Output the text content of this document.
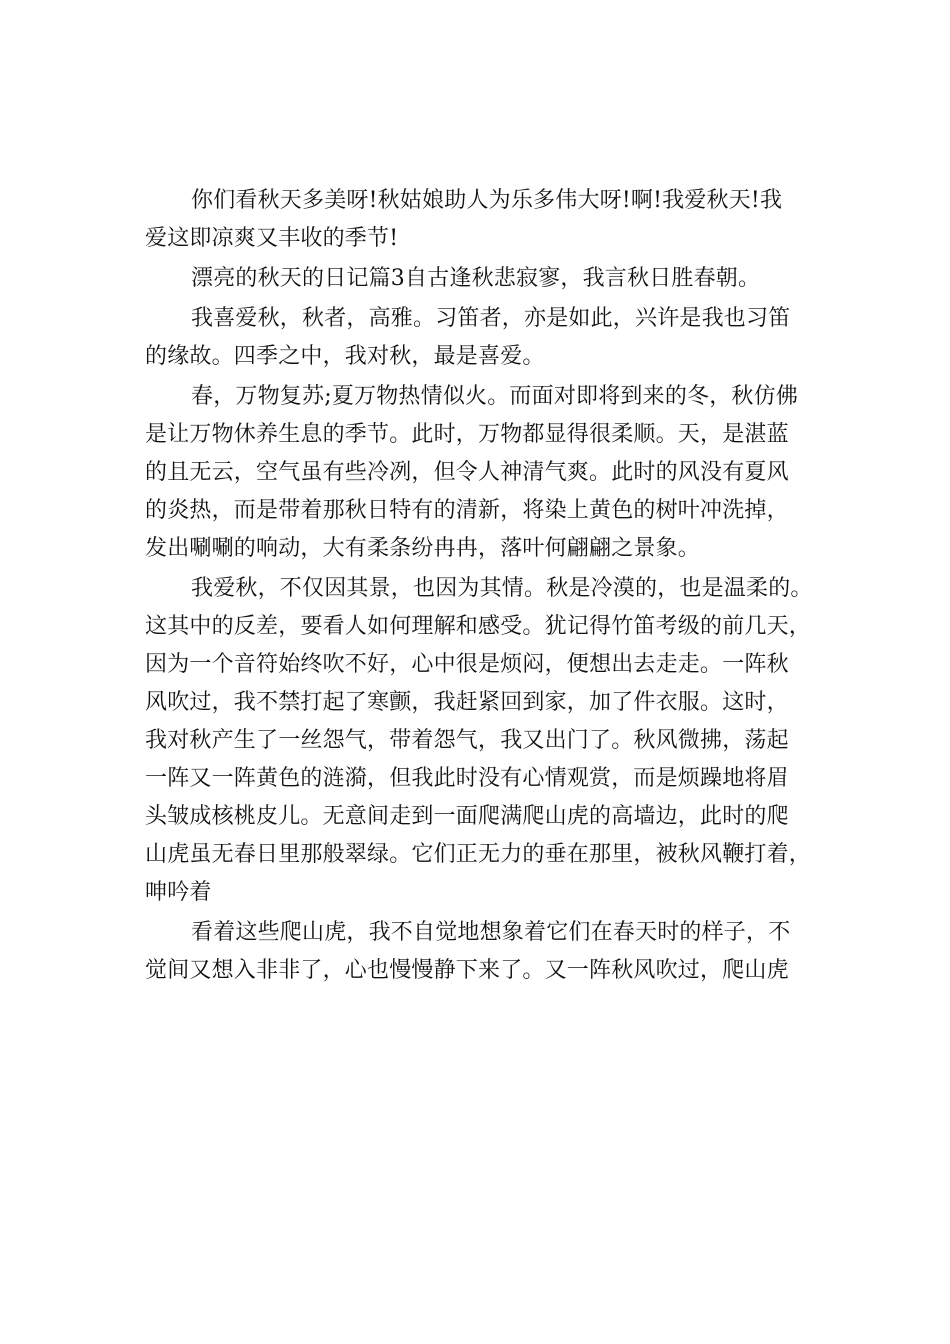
你们看秋天多美呀!秋姑娘助人为乐多伟大呀!啊!我爱秋天!我
爱这即凉爽又丰收的季节!
漂亮的秋天的日记篇3自古逢秋悲寂寥，我言秋日胜春朝。
我喜爱秋，秋者，高雅。习笛者，亦是如此，兴许是我也习笛
的缘故。四季之中，我对秋，最是喜爱。
春，万物复苏;夏万物热情似火。而面对即将到来的冬，秋仿佛
是让万物休养生息的季节。此时，万物都显得很柔顺。天，是湛蓝
的且无云，空气虽有些冷冽，但令人神清气爽。此时的风没有夏风
的炎热，而是带着那秋日特有的清新，将染上黄色的树叶冲洗掉，
发出唰唰的响动，大有柔条纷冉冉，落叶何翩翩之景象。
我爱秋，不仅因其景，也因为其情。秋是冷漠的，也是温柔的。
这其中的反差，要看人如何理解和感受。犹记得竹笛考级的前几天，
因为一个音符始终吹不好，心中很是烦闷，便想出去走走。一阵秋
风吹过，我不禁打起了寒颤，我赶紧回到家，加了件衣服。这时，
我对秋产生了一丝怨气，带着怨气，我又出门了。秋风微拂，荡起
一阵又一阵黄色的涟漪，但我此时没有心情观赏，而是烦躁地将眉
头皱成核桃皮儿。无意间走到一面爬满爬山虎的高墙边，此时的爬
山虎虽无春日里那般翠绿。它们正无力的垂在那里，被秋风鞭打着，
呻吟着
看着这些爬山虎，我不自觉地想象着它们在春天时的样子，不
觉间又想入非非了，心也慢慢静下来了。又一阵秋风吹过，爬山虎
